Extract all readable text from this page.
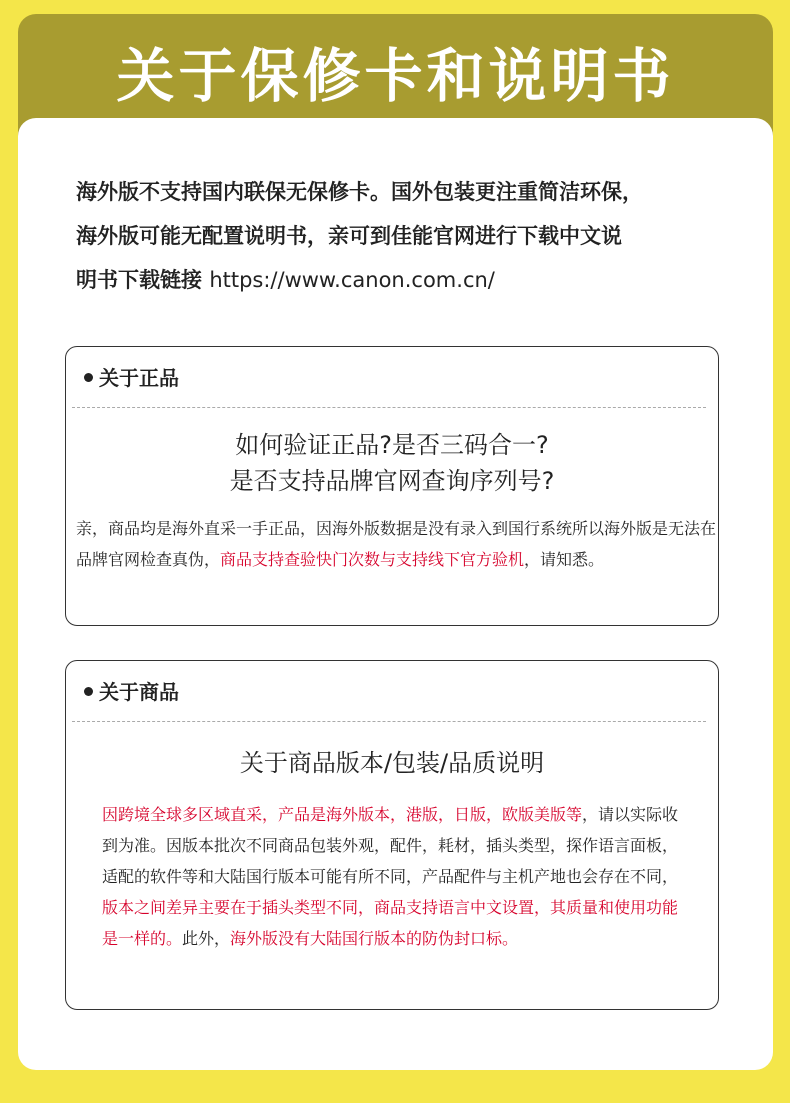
关于保修卡和说明书
海外版不支持国内联保无保修卡。国外包装更注重简洁环保，
海外版可能无配置说明书，亲可到佳能官网进行下载中文说
明书下载链接 https://www.canon.com.cn/
关于正品
如何验证正品?是否三码合一?
是否支持品牌官网查询序列号?
亲，商品均是海外直采一手正品，因海外版数据是没有录入到国行系统所以海外版是无法在品牌官网检查真伪，商品支持查验快门次数与支持线下官方验机，请知悉。
关于商品
关于商品版本/包装/品质说明
因跨境全球多区域直采，产品是海外版本，港版，日版，欧版美版等，请以实际收到为准。因版本批次不同商品包装外观，配件，耗材，插头类型，探作语言面板，适配的软件等和大陆国行版本可能有所不同，产品配件与主机产地也会存在不同，版本之间差异主要在于插头类型不同，商品支持语言中文设置，其质量和使用功能是一样的。此外，海外版没有大陆国行版本的防伪封口标。
